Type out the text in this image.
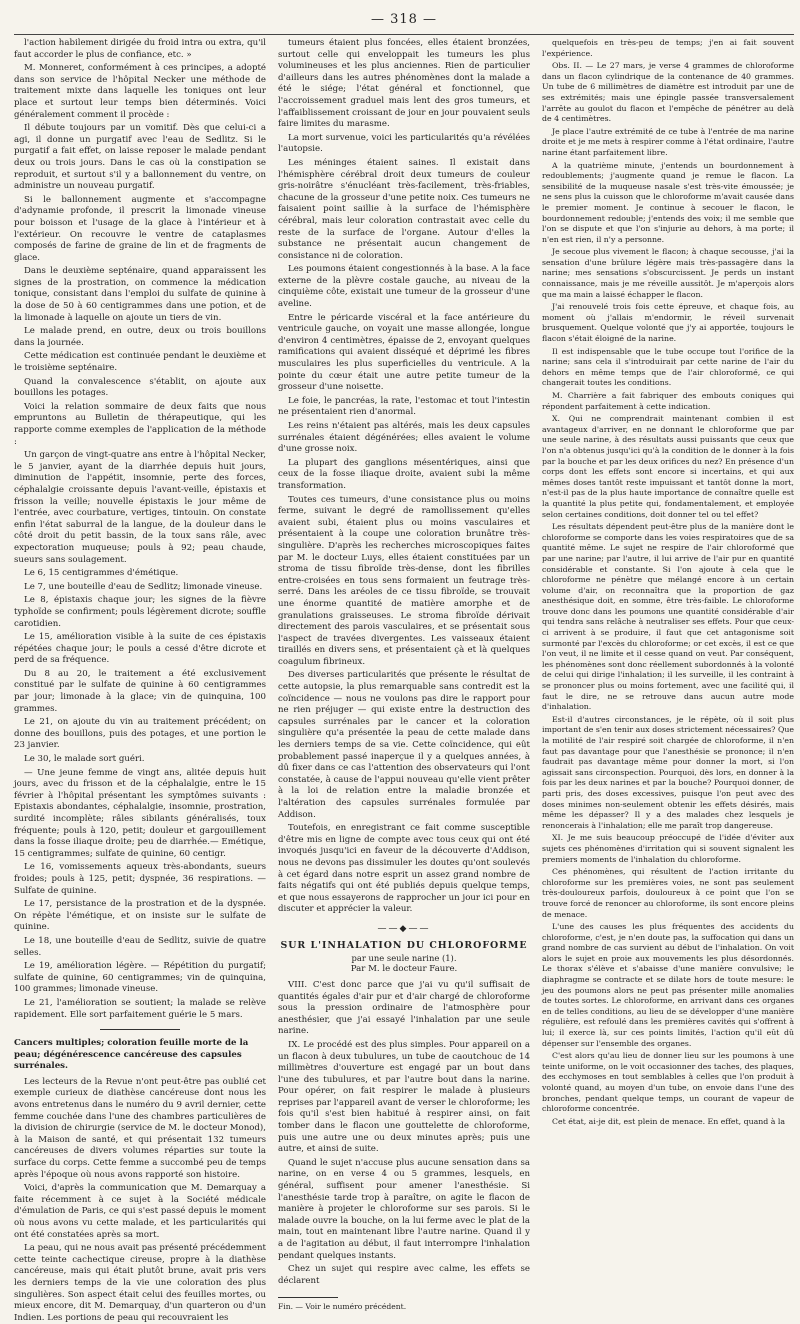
— 318 —

l'action habilement dirigée du froid intra ou extra, qu'il faut accorder le plus de confiance, etc. »

M. Monneret, conformément à ces principes, a adopté dans son service de l'hôpital Necker une méthode de traitement mixte dans laquelle les toniques ont leur place et surtout leur temps bien déterminés. Voici généralement comment il procède :

Il débute toujours par un vomitif. Dès que celui-ci a agi, il donne un purgatif avec l'eau de Sedlitz. Si le purgatif a fait effet, on laisse reposer le malade pendant deux ou trois jours. Dans le cas où la constipation se reproduit, et surtout s'il y a ballonnement du ventre, on administre un nouveau purgatif.

Si le ballonnement augmente et s'accompagne d'adynamie profonde, il prescrit la limonade vineuse pour boisson et l'usage de la glace à l'intérieur et à l'extérieur. On recouvre le ventre de cataplasmes composés de farine de graine de lin et de fragments de glace.

Dans le deuxième septénaire, quand apparaissent les signes de la prostration, on commence la médication tonique, consistant dans l'emploi du sulfate de quinine à la dose de 50 à 60 centigrammes dans une potion, et de la limonade à laquelle on ajoute un tiers de vin.

Le malade prend, en outre, deux ou trois bouillons dans la journée.

Cette médication est continuée pendant le deuxième et le troisième septénaire.

Quand la convalescence s'établit, on ajoute aux bouillons les potages.

Voici la relation sommaire de deux faits que nous empruntons au Bulletin de thérapeutique, qui les rapporte comme exemples de l'application de la méthode :

Un garçon de vingt-quatre ans entre à l'hôpital Necker, le 5 janvier, ayant de la diarrhée depuis huit jours, diminution de l'appétit, insomnie, perte des forces, céphalalgie croissante depuis l'avant-veille, épistaxis et frisson la veille; nouvelle épistaxis le jour même de l'entrée, avec courbature, vertiges, tintouin. On constate enfin l'état saburral de la langue, de la douleur dans le côté droit du petit bassin, de la toux sans râle, avec expectoration muqueuse; pouls à 92; peau chaude, sueurs sans soulagement.

Le 6, 15 centigrammes d'émétique.

Le 7, une bouteille d'eau de Sedlitz; limonade vineuse.

Le 8, épistaxis chaque jour; les signes de la fièvre typhoïde se confirment; pouls légèrement dicrote; souffle carotidien.

Le 15, amélioration visible à la suite de ces épistaxis répétées chaque jour; le pouls a cessé d'être dicrote et perd de sa fréquence.

Du 8 au 20, le traitement a été exclusivement constitué par le sulfate de quinine à 60 centigrammes par jour; limonade à la glace; vin de quinquina, 100 grammes.

Le 21, on ajoute du vin au traitement précédent; on donne des bouillons, puis des potages, et une portion le 23 janvier.

Le 30, le malade sort guéri.

— Une jeune femme de vingt ans, alitée depuis huit jours, avec du frisson et de la céphalalgie, entre le 15 février à l'hôpital présentant les symptômes suivants : Epistaxis abondantes, céphalalgie, insomnie, prostration, surdité incomplète; râles sibilants généralisés, toux fréquente; pouls à 120, petit; douleur et gargouillement dans la fosse iliaque droite; peu de diarrhée.— Emétique, 15 centigrammes; sulfate de quinine, 60 centigr.

Le 16, vomissements aqueux très-abondants, sueurs froides; pouls à 125, petit; dyspnée, 36 respirations. — Sulfate de quinine.

Le 17, persistance de la prostration et de la dyspnée. On répète l'émétique, et on insiste sur le sulfate de quinine.

Le 18, une bouteille d'eau de Sedlitz, suivie de quatre selles.

Le 19, amélioration légère. — Répétition du purgatif; sulfate de quinine, 60 centigrammes; vin de quinquina, 100 grammes; limonade vineuse.

Le 21, l'amélioration se soutient; la malade se relève rapidement. Elle sort parfaitement guérie le 5 mars.

Cancers multiples; coloration feuille morte de la peau; dégénérescence cancéreuse des capsules surrénales.

Les lecteurs de la Revue n'ont peut-être pas oublié cet exemple curieux de diathèse cancéreuse dont nous les avons entretenus dans le numéro du 9 avril dernier, cette femme couchée dans l'une des chambres particulières de la division de chirurgie (service de M. le docteur Monod), à la Maison de santé, et qui présentait 132 tumeurs cancéreuses de divers volumes réparties sur toute la surface du corps. Cette femme a succombé peu de temps après l'époque où nous avons rapporté son histoire.

Voici, d'après la communication que M. Demarquay a faite récemment à ce sujet à la Société médicale d'émulation de Paris, ce qui s'est passé depuis le moment où nous avons vu cette malade, et les particularités qui ont été constatées après sa mort.

La peau, qui ne nous avait pas présenté précédemment cette teinte cachectique cireuse, propre à la diathèse cancéreuse, mais qui était plutôt brune, avait pris vers les derniers temps de la vie une coloration des plus singulières. Son aspect était celui des feuilles mortes, ou mieux encore, dit M. Demarquay, d'un quarteron ou d'un Indien. Les portions de peau qui recouvraient les

tumeurs étaient plus foncées, elles étaient bronzées, surtout celle qui enveloppait les tumeurs les plus volumineuses et les plus anciennes. Rien de particulier d'ailleurs dans les autres phénomènes dont la malade a été le siége; l'état général et fonctionnel, que l'accroissement graduel mais lent des gros tumeurs, et l'affaiblissement croissant de jour en jour pouvaient seuls faire limites du marasme.

La mort survenue, voici les particularités qu'a révélées l'autopsie.

Les méninges étaient saines. Il existait dans l'hémisphère cérébral droit deux tumeurs de couleur gris-noirâtre s'énucléant très-facilement, très-friables, chacune de la grosseur d'une petite noix. Ces tumeurs ne faisaient point saillie à la surface de l'hémisphère cérébral, mais leur coloration contrastait avec celle du reste de la surface de l'organe. Autour d'elles la substance ne présentait aucun changement de consistance ni de coloration.

Les poumons étaient congestionnés à la base. A la face externe de la plèvre costale gauche, au niveau de la cinquième côte, existait une tumeur de la grosseur d'une aveline.

Entre le péricarde viscéral et la face antérieure du ventricule gauche, on voyait une masse allongée, longue d'environ 4 centimètres, épaisse de 2, envoyant quelques ramifications qui avaient disséqué et déprimé les fibres musculaires les plus superficielles du ventricule. A la pointe du cœur était une autre petite tumeur de la grosseur d'une noisette.

Le foie, le pancréas, la rate, l'estomac et tout l'intestin ne présentaient rien d'anormal.

Les reins n'étaient pas altérés, mais les deux capsules surrénales étaient dégénérées; elles avaient le volume d'une grosse noix.

La plupart des ganglions mésentériques, ainsi que ceux de la fosse iliaque droite, avaient subi la même transformation.

Toutes ces tumeurs, d'une consistance plus ou moins ferme, suivant le degré de ramollissement qu'elles avaient subi, étaient plus ou moins vasculaires et présentaient à la coupe une coloration brunâtre très-singulière. D'après les recherches microscopiques faites par M. le docteur Luys, elles étaient constituées par un stroma de tissu fibroïde très-dense, dont les fibrilles entre-croisées en tous sens formaient un feutrage très-serré. Dans les aréoles de ce tissu fibroïde, se trouvait une énorme quantité de matière amorphe et de granulations graisseuses. Le stroma fibroïde dérivait directement des parois vasculaires, et se présentait sous l'aspect de travées divergentes. Les vaisseaux étaient tiraillés en divers sens, et présentaient çà et là quelques coagulum fibrineux.

Des diverses particularités que présente le résultat de cette autopsie, la plus remarquable sans contredit est la coïncidence — nous ne voulons pas dire le rapport pour ne rien préjuger — qui existe entre la destruction des capsules surrénales par le cancer et la coloration singulière qu'a présentée la peau de cette malade dans les derniers temps de sa vie. Cette coïncidence, qui eût probablement passé inaperçue il y a quelques années, à dû fixer dans ce cas l'attention des observateurs qui l'ont constatée, à cause de l'appui nouveau qu'elle vient prêter à la loi de relation entre la maladie bronzée et l'altération des capsules surrénales formulée par Addison.

Toutefois, en enregistrant ce fait comme susceptible d'être mis en ligne de compte avec tous ceux qui ont été invoqués jusqu'ici en faveur de la découverte d'Addison, nous ne devons pas dissimuler les doutes qu'ont soulevés à cet égard dans notre esprit un assez grand nombre de faits négatifs qui ont été publiés depuis quelque temps, et que nous essayerons de rapprocher un jour ici pour en discuter et apprécier la valeur.

——◆——
SUR L'INHALATION DU CHLOROFORME
par une seule narine (1).
Par M. le docteur Faure.

VIII. C'est donc parce que j'ai vu qu'il suffisait de quantités égales d'air pur et d'air chargé de chloroforme sous la pression ordinaire de l'atmosphère pour anesthésier, que j'ai essayé l'inhalation par une seule narine.

IX. Le procédé est des plus simples. Pour appareil on a un flacon à deux tubulures, un tube de caoutchouc de 14 millimètres d'ouverture est engagé par un bout dans l'une des tubulures, et par l'autre bout dans la narine. Pour opérer, on fait respirer le malade à plusieurs reprises par l'appareil avant de verser le chloroforme; les fois qu'il s'est bien habitué à respirer ainsi, on fait tomber dans le flacon une gouttelette de chloroforme, puis une autre une ou deux minutes après; puis une autre, et ainsi de suite.

Quand le sujet n'accuse plus aucune sensation dans sa narine, on en verse 4 ou 5 grammes, lesquels, en général, suffisent pour amener l'anesthésie. Si l'anesthésie tarde trop à paraître, on agite le flacon de manière à projeter le chloroforme sur ses parois. Si le malade ouvre la bouche, on la lui ferme avec le plat de la main, tout en maintenant libre l'autre narine. Quand il y a de l'agitation au début, il faut interrompre l'inhalation pendant quelques instants.

Chez un sujet qui respire avec calme, les effets se déclarent

Fin. — Voir le numéro précédent.

quelquefois en très-peu de temps; j'en ai fait souvent l'expérience.

Obs. II. — Le 27 mars, je verse 4 grammes de chloroforme dans un flacon cylindrique de la contenance de 40 grammes. Un tube de 6 millimètres de diamètre est introduit par une de ses extrémités; mais une épingle passée transversalement l'arrête au goulot du flacon et l'empêche de pénétrer au delà de 4 centimètres.

Je place l'autre extrémité de ce tube à l'entrée de ma narine droite et je me mets à respirer comme à l'état ordinaire, l'autre narine étant parfaitement libre.

A la quatrième minute, j'entends un bourdonnement à redoublements; j'augmente quand je remue le flacon. La sensibilité de la muqueuse nasale s'est très-vite émoussée; je ne sens plus la cuisson que le chloroforme m'avait causée dans le premier moment. Je continue à secouer le flacon, le bourdonnement redouble; j'entends des voix; il me semble que l'on se dispute et que l'on s'injurie au dehors, à ma porte; il n'en est rien, il n'y a personne.

Je secoue plus vivement le flacon; à chaque secousse, j'ai la sensation d'une brûlure légère mais très-passagère dans la narine; mes sensations s'obscurcissent. Je perds un instant connaissance, mais je me réveille aussitôt. Je m'aperçois alors que ma main a laissé échapper le flacon.

J'ai renouvelé trois fois cette épreuve, et chaque fois, au moment où j'allais m'endormir, le réveil survenait brusquement. Quelque volonté que j'y ai apportée, toujours le flacon s'était éloigné de la narine.

Il est indispensable que le tube occupe tout l'orifice de la narine; sans cela il s'introduirait par cette narine de l'air du dehors en même temps que de l'air chloroformé, ce qui changerait toutes les conditions.

M. Charrière a fait fabriquer des embouts coniques qui répondent parfaitement à cette indication.

X. Qui ne comprendrait maintenant combien il est avantageux d'arriver, en ne donnant le chloroforme que par une seule narine, à des résultats aussi puissants que ceux que l'on n'a obtenus jusqu'ici qu'à la condition de le donner à la fois par la bouche et par les deux orifices du nez? En présence d'un corps dont les effets sont encore si incertains, et qui aux mêmes doses tantôt reste impuissant et tantôt donne la mort, n'est-il pas de la plus haute importance de connaître quelle est la quantité la plus petite qui, fondamentalement, et employée selon certaines conditions, doit donner tel ou tel effet?

Les résultats dépendent peut-être plus de la manière dont le chloroforme se comporte dans les voies respiratoires que de sa quantité même. Le sujet ne respire de l'air chloroformé que par une narine; par l'autre, il lui arrive de l'air pur en quantité considérable et constante. Si l'on ajoute à cela que le chloroforme ne pénètre que mélangé encore à un certain volume d'air, on reconnaîtra que la proportion de gaz anesthésique doit, en somme, être très-faible. Le chloroforme trouve donc dans les poumons une quantité considérable d'air qui tendra sans relâche à neutraliser ses effets. Pour que ceux-ci arrivent à se produire, il faut que cet antagonisme soit surmonté par l'excès du chloroforme; or cet excès, il est ce que l'on veut, il ne limite et il cesse quand on veut. Par conséquent, les phénomènes sont donc réellement subordonnés à la volonté de celui qui dirige l'inhalation; il les surveille, il les contraint à se prononcer plus ou moins fortement, avec une facilité qui, il faut le dire, ne se retrouve dans aucun autre mode d'inhalation.

Est-il d'autres circonstances, je le répète, où il soit plus important de s'en tenir aux doses strictement nécessaires? Que la motilité de l'air respiré soit chargée de chloroforme, il n'en faut pas davantage pour que l'anesthésie se prononce; il n'en faudrait pas davantage même pour donner la mort, si l'on agissait sans circonspection. Pourquoi, dès lors, en donner à la fois par les deux narines et par la bouche? Pourquoi donner, de parti pris, des doses excessives, puisque l'on peut avec des doses minimes non-seulement obtenir les effets désirés, mais même les dépasser? Il y a des malades chez lesquels je renoncerais à l'inhalation; elle me paraît trop dangereuse.

XI. Je me suis beaucoup préoccupé de l'idée d'éviter aux sujets ces phénomènes d'irritation qui si souvent signalent les premiers moments de l'inhalation du chloroforme.

Ces phénomènes, qui résultent de l'action irritante du chloroforme sur les premières voies, ne sont pas seulement très-douloureux parfois, douloureux à ce point que l'on se trouve forcé de renoncer au chloroforme, ils sont encore pleins de menace.

L'une des causes les plus fréquentes des accidents du chloroforme, c'est, je n'en doute pas, la suffocation qui dans un grand nombre de cas survient au début de l'inhalation. On voit alors le sujet en proie aux mouvements les plus désordonnés. Le thorax s'élève et s'abaisse d'une manière convulsive; le diaphragme se contracte et se dilate hors de toute mesure: le jeu des poumons alors ne peut pas présenter mille anomalies de toutes sortes. Le chloroforme, en arrivant dans ces organes en de telles conditions, au lieu de se développer d'une manière régulière, est refoulé dans les premières cavités qui s'offrent à lui; il exerce là, sur ces points limités, l'action qu'il eût dû dépenser sur l'ensemble des organes.

C'est alors qu'au lieu de donner lieu sur les poumons à une teinte uniforme, on le voit occasionner des taches, des plaques, des ecchymoses en tout semblables à celles que l'on produit à volonté quand, au moyen d'un tube, on envoie dans l'une des bronches, pendant quelque temps, un courant de vapeur de chloroforme concentrée.

Cet état, ai-je dit, est plein de menace. En effet, quand à la
